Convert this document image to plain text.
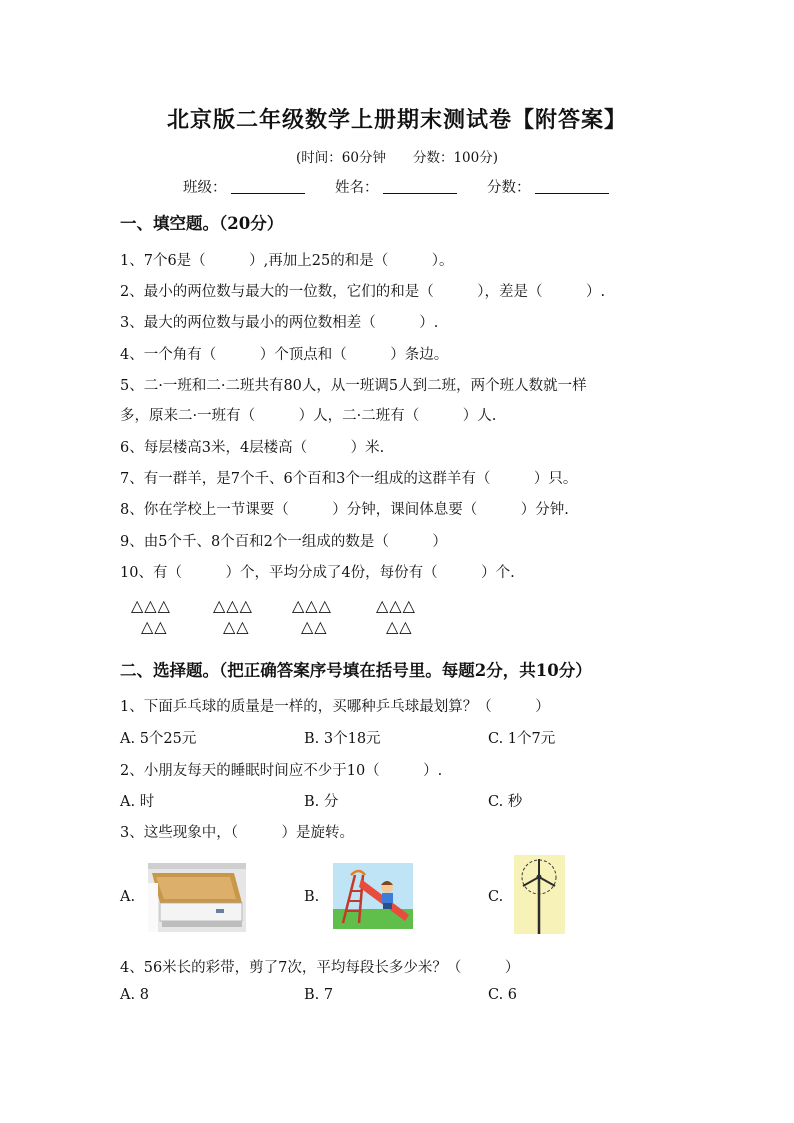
北京版二年级数学上册期末测试卷【附答案】
(时间：60分钟　　分数：100分)
班级：	姓名：	分数：
一、填空题。（20分）
1、7个6是（　　　）,再加上25的和是（　　　）。
2、最小的两位数与最大的一位数，它们的和是（　　　），差是（　　　）.
3、最大的两位数与最小的两位数相差（　　　）.
4、一个角有（　　　）个顶点和（　　　）条边。
5、二·一班和二·二班共有80人，从一班调5人到二班，两个班人数就一样
多，原来二·一班有（　　　）人，二·二班有（　　　）人.
6、每层楼高3米，4层楼高（　　　）米.
7、有一群羊，是7个千、6个百和3个一组成的这群羊有（　　　）只。
8、你在学校上一节课要（　　　）分钟，课间体息要（　　　）分钟.
9、由5个千、8个百和2个一组成的数是（　　　）
10、有（　　　）个，平均分成了4份，每份有（　　　）个.
△△△
△△
△△△
△△
△△△
△△
△△△
△△
二、选择题。（把正确答案序号填在括号里。每题2分，共10分）
1、下面乒乓球的质量是一样的，买哪种乒乓球最划算？（　　　）
A. 5个25元	B. 3个18元	C. 1个7元
2、小朋友每天的睡眠时间应不少于10（　　　）.
A. 时	B. 分	C. 秒
3、这些现象中，（　　　）是旋转。
A.	B.	C.
4、56米长的彩带，剪了7次，平均每段长多少米？（　　　）
A. 8	B. 7	C. 6
